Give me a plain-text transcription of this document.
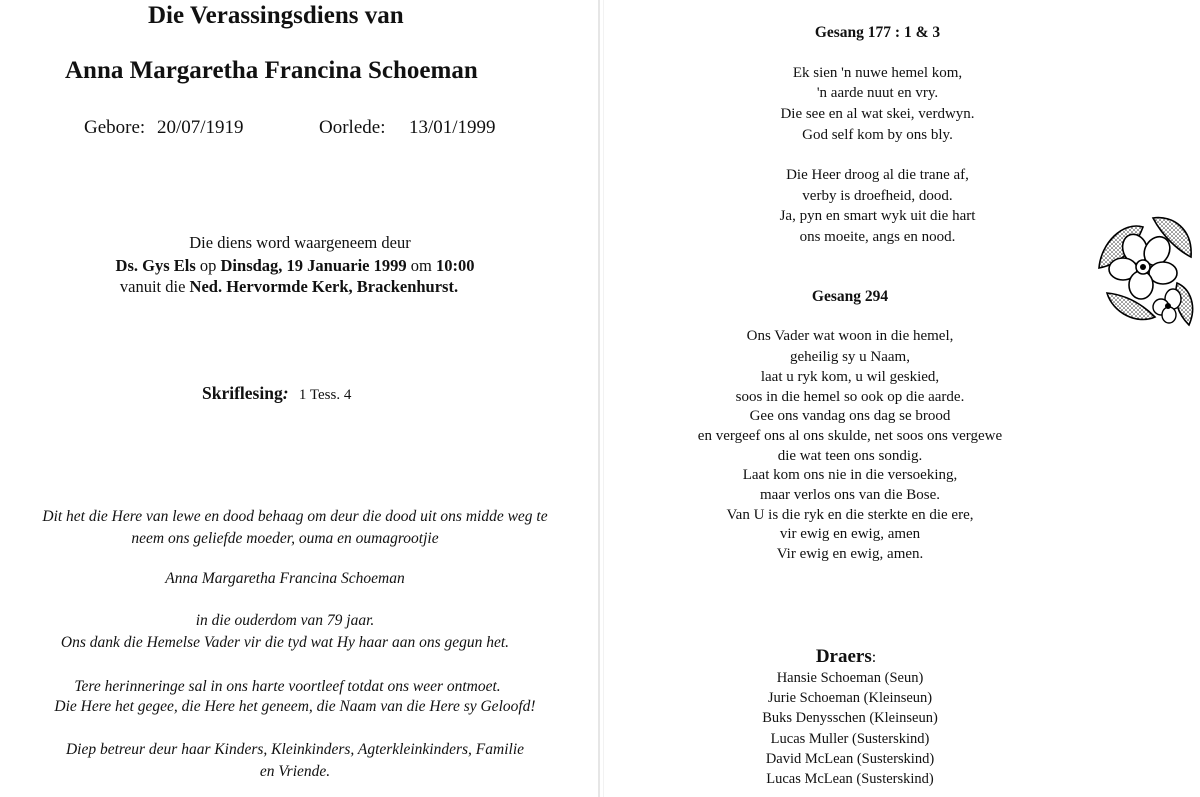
Die Verassingsdiens van
Anna Margaretha Francina Schoeman
Gebore: 20/07/1919	Oorlede: 13/01/1999
Die diens word waargeneem deur
Ds. Gys Els op Dinsdag, 19 Januarie 1999 om 10:00
vanuit die Ned. Hervormde Kerk, Brackenhurst.
Skriflesing: 1 Tess. 4
Dit het die Here van lewe en dood behaag om deur die dood uit ons midde weg te
neem ons geliefde moeder, ouma en oumagrootjie
Anna Margaretha Francina Schoeman
in die ouderdom van 79 jaar.
Ons dank die Hemelse Vader vir die tyd wat Hy haar aan ons gegun het.
Tere herinneringe sal in ons harte voortleef totdat ons weer ontmoet.
Die Here het gegee, die Here het geneem, die Naam van die Here sy Geloofd!
Diep betreur deur haar Kinders, Kleinkinders, Agterkleinkinders, Familie
en Vriende.
Gesang 177 : 1 & 3
Ek sien 'n nuwe hemel kom,
'n aarde nuut en vry.
Die see en al wat skei, verdwyn.
God self kom by ons bly.
Die Heer droog al die trane af,
verby is droefheid, dood.
Ja, pyn en smart wyk uit die hart
ons moeite, angs en nood.
Gesang 294
Ons Vader wat woon in die hemel,
geheilig sy u Naam,
laat u ryk kom, u wil geskied,
soos in die hemel so ook op die aarde.
Gee ons vandag ons dag se brood
en vergeef ons al ons skulde, net soos ons vergewe
die wat teen ons sondig.
Laat kom ons nie in die versoeking,
maar verlos ons van die Bose.
Van U is die ryk en die sterkte en die ere,
vir ewig en ewig, amen
Vir ewig en ewig, amen.
Draers:
Hansie Schoeman (Seun)
Jurie Schoeman (Kleinseun)
Buks Denysschen (Kleinseun)
Lucas Muller (Susterskind)
David McLean (Susterskind)
Lucas McLean (Susterskind)
